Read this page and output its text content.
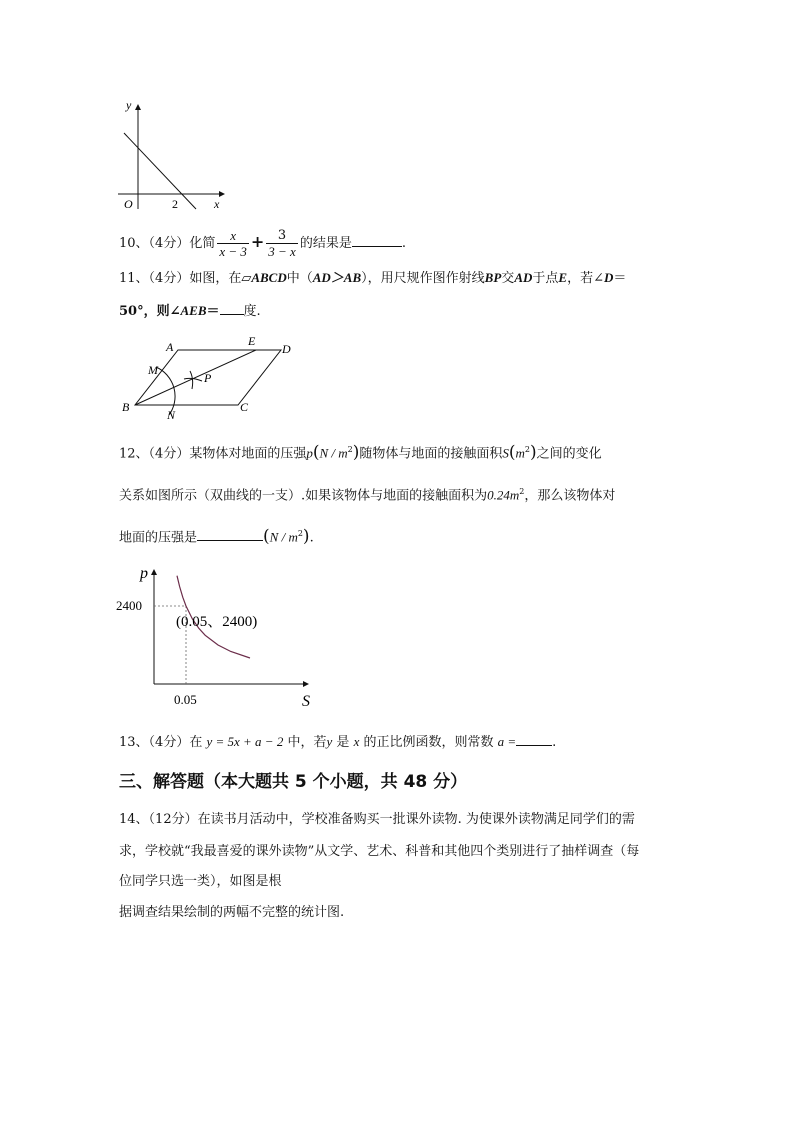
y
x
O	2
10、（4分）化简 $\frac{x}{x - 3} + \frac{3}{3 - x}$ 的结果是	.
11、（4分）如图，在▱ABCD中（AD＞AB），用尺规作图作射线BP交AD于点E，若∠D＝
50°，则∠AEB＝ 度.
A	E
D
M
P
B
N
C
12、（4分）某物体对地面的压强$p(N / m^2)$随物体与地面的接触面积$S(m^2)$之间的变化
关系如图所示（双曲线的一支）.如果该物体与地面的接触面积为$0.24m^2$，那么该物体对
地面的压强是	$(N / m^2)$.
p
S
2400
0.05
(0.05、2400)
13、（4分）在 y = 5x + a − 2 中，若y 是 x 的正比例函数，则常数 a =	.
三、解答题（本大题共 5 个小题，共 48 分）
14、（12分）在读书月活动中，学校准备购买一批课外读物. 为使课外读物满足同学们的需
求，学校就“我最喜爱的课外读物”从文学、艺术、科普和其他四个类别进行了抽样调查（每
位同学只选一类），如图是根
据调查结果绘制的两幅不完整的统计图.
